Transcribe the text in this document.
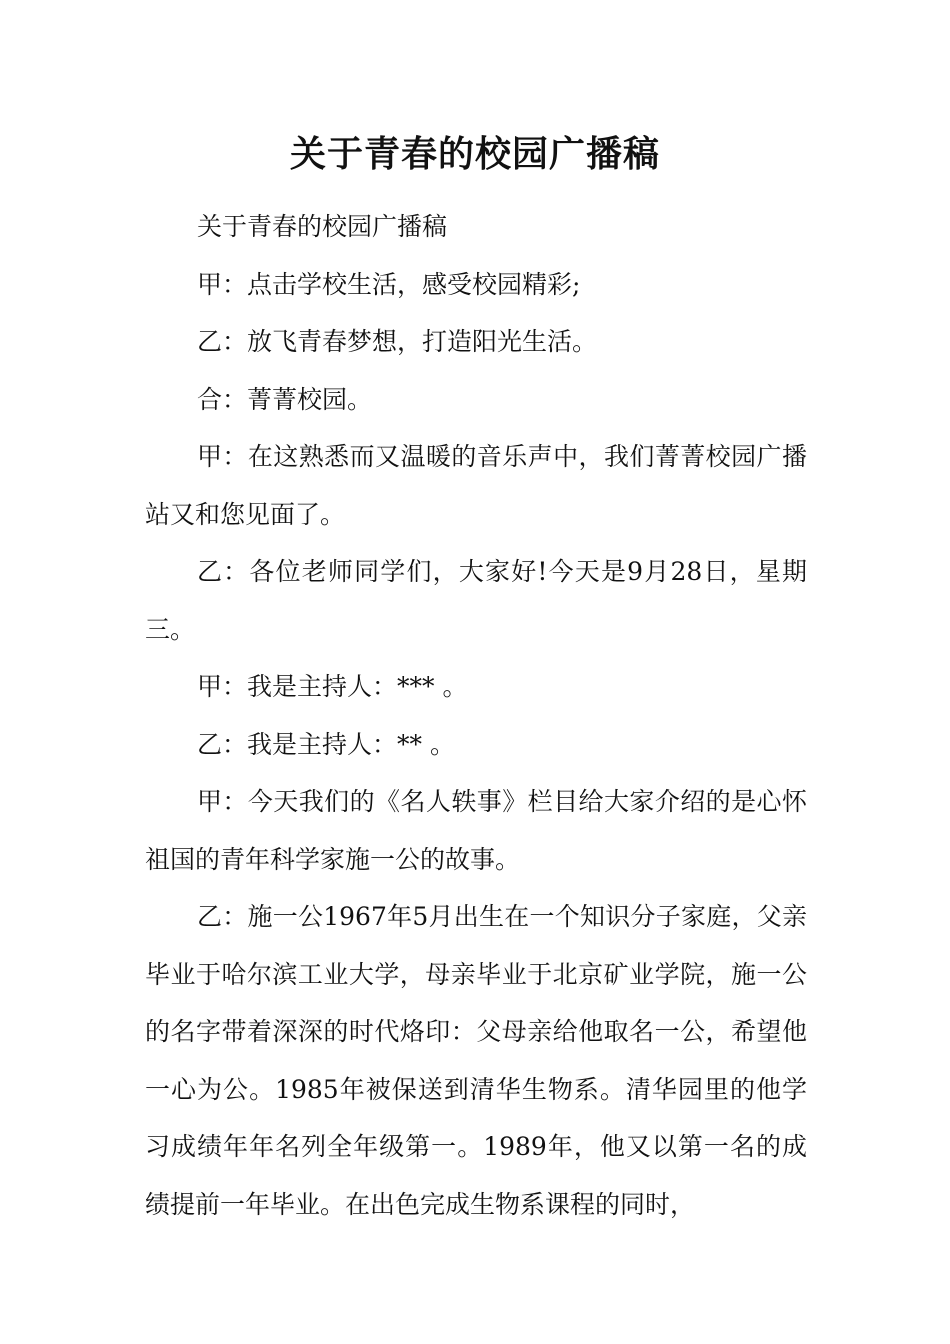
关于青春的校园广播稿

关于青春的校园广播稿

甲：点击学校生活，感受校园精彩;

乙：放飞青春梦想，打造阳光生活。

合：菁菁校园。

甲：在这熟悉而又温暖的音乐声中，我们菁菁校园广播站又和您见面了。

乙：各位老师同学们，大家好!今天是9月28日，星期三。

甲：我是主持人：*** 。

乙：我是主持人：** 。

甲：今天我们的《名人轶事》栏目给大家介绍的是心怀祖国的青年科学家施一公的故事。

乙：施一公1967年5月出生在一个知识分子家庭，父亲毕业于哈尔滨工业大学，母亲毕业于北京矿业学院，施一公的名字带着深深的时代烙印：父母亲给他取名一公，希望他一心为公。1985年被保送到清华生物系。清华园里的他学习成绩年年名列全年级第一。1989年，他又以第一名的成绩提前一年毕业。在出色完成生物系课程的同时，
